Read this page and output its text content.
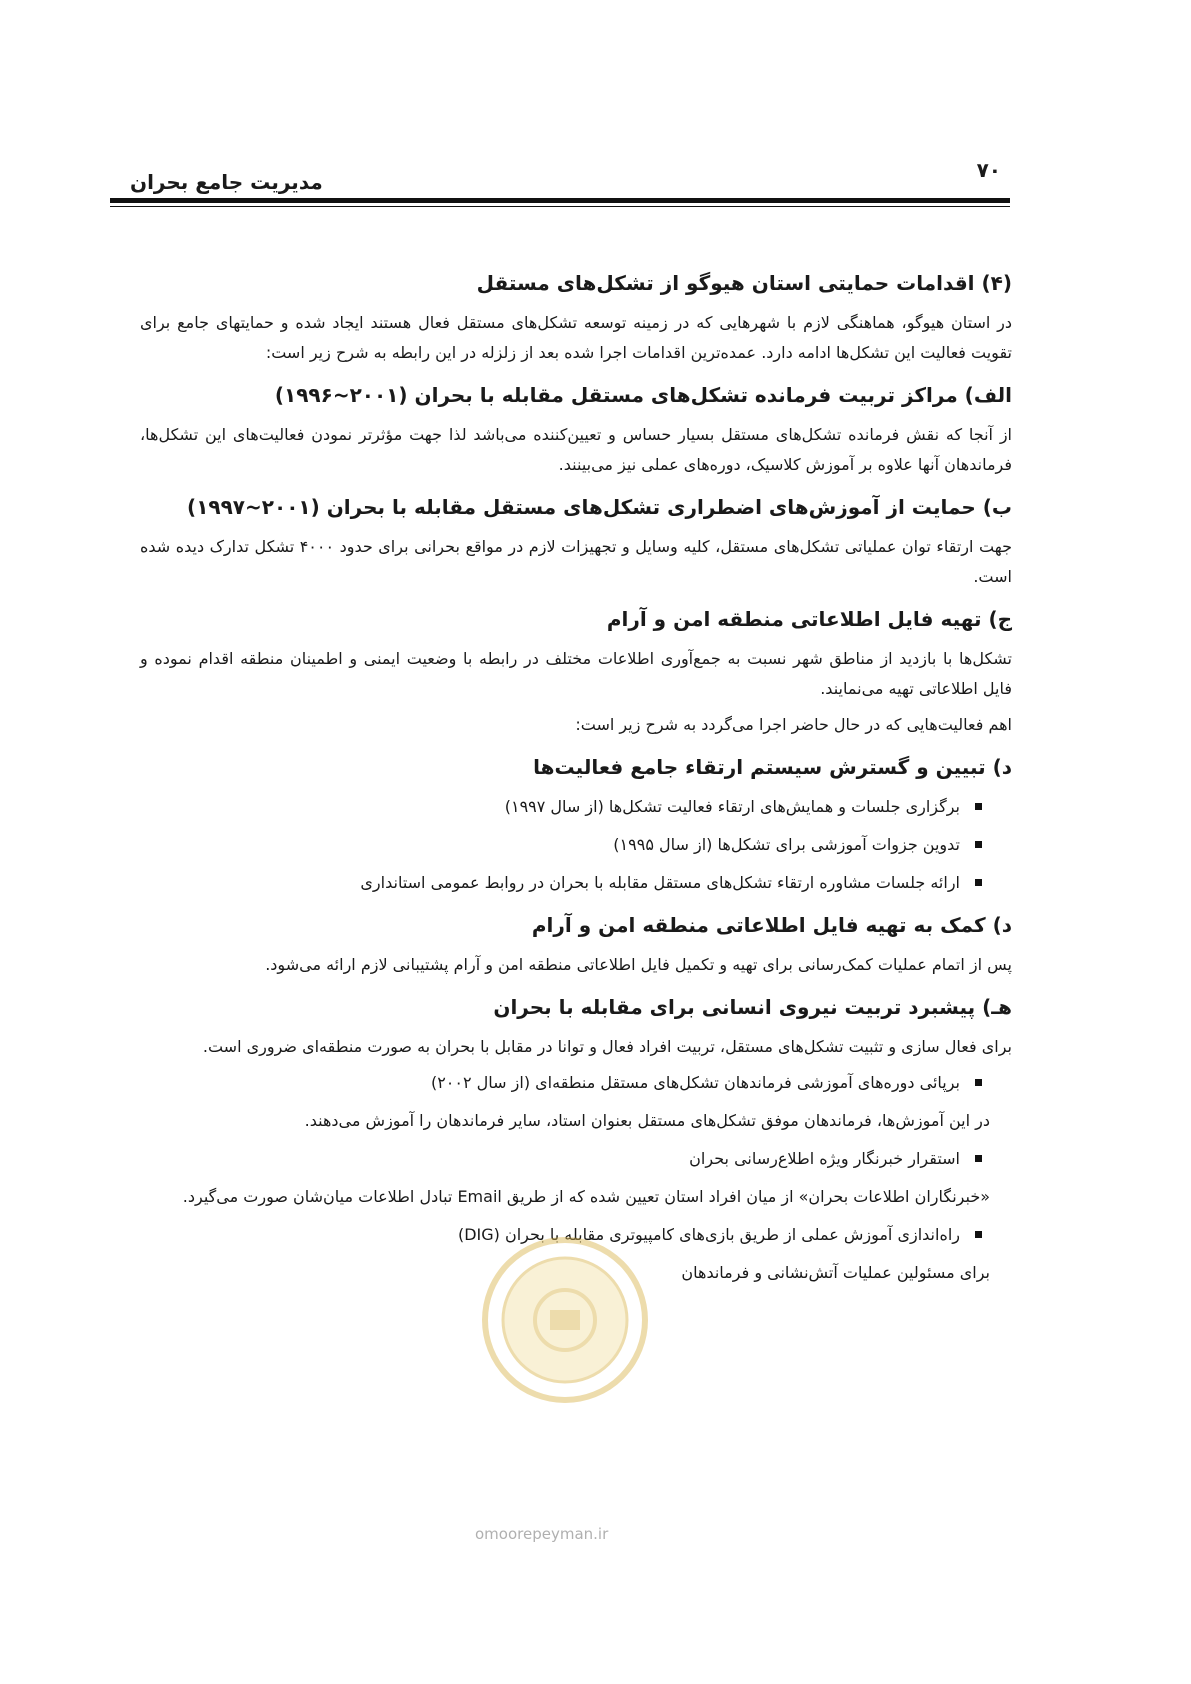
۷۰
مدیریت جامع بحران
(۴) اقدامات حمایتی استان هیوگو از تشکل‌های مستقل

در استان هیوگو، هماهنگی لازم با شهرهایی که در زمینه توسعه تشکل‌های مستقل فعال هستند ایجاد شده و حمایتهای جامع برای تقویت فعالیت این تشکل‌ها ادامه دارد. عمده‌ترین اقدامات اجرا شده بعد از زلزله در این رابطه به شرح زیر است:

الف) مراکز تربیت فرمانده تشکل‌های مستقل مقابله با بحران (۲۰۰۱~۱۹۹۶)

از آنجا که نقش فرمانده تشکل‌های مستقل بسیار حساس و تعیین‌کننده می‌باشد لذا جهت مؤثرتر نمودن فعالیت‌های این تشکل‌ها، فرماندهان آنها علاوه بر آموزش کلاسیک، دوره‌های عملی نیز می‌بینند.

ب) حمایت از آموزش‌های اضطراری تشکل‌های مستقل مقابله با بحران (۲۰۰۱~۱۹۹۷)

جهت ارتقاء توان عملیاتی تشکل‌های مستقل، کلیه وسایل و تجهیزات لازم در مواقع بحرانی برای حدود ۴۰۰۰ تشکل تدارک دیده شده است.

ج) تهیه فایل اطلاعاتی منطقه امن و آرام

تشکل‌ها با بازدید از مناطق شهر نسبت به جمع‌آوری اطلاعات مختلف در رابطه با وضعیت ایمنی و اطمینان منطقه اقدام نموده و فایل اطلاعاتی تهیه می‌نمایند.

اهم فعالیت‌هایی که در حال حاضر اجرا می‌گردد به شرح زیر است:

د) تبیین و گسترش سیستم ارتقاء جامع فعالیت‌ها
برگزاری جلسات و همایش‌های ارتقاء فعالیت تشکل‌ها (از سال ۱۹۹۷)
تدوین جزوات آموزشی برای تشکل‌ها (از سال ۱۹۹۵)
ارائه جلسات مشاوره ارتقاء تشکل‌های مستقل مقابله با بحران در روابط عمومی استانداری
د) کمک به تهیه فایل اطلاعاتی منطقه امن و آرام

پس از اتمام عملیات کمک‌رسانی برای تهیه و تکمیل فایل اطلاعاتی منطقه امن و آرام پشتیبانی لازم ارائه می‌شود.

هـ) پیشبرد تربیت نیروی انسانی برای مقابله با بحران

برای فعال سازی و تثبیت تشکل‌های مستقل، تربیت افراد فعال و توانا در مقابل با بحران به صورت منطقه‌ای ضروری است.

برپائی دوره‌های آموزشی فرماندهان تشکل‌های مستقل منطقه‌ای (از سال ۲۰۰۲)

در این آموزش‌ها، فرماندهان موفق تشکل‌های مستقل بعنوان استاد، سایر فرماندهان را آموزش می‌دهند.

استقرار خبرنگار ویژه اطلاع‌رسانی بحران

«خبرنگاران اطلاعات بحران» از میان افراد استان تعیین شده که از طریق Email تبادل اطلاعات میان‌شان صورت می‌گیرد.

راه‌اندازی آموزش عملی از طریق بازی‌های کامپیوتری مقابله با بحران (DIG)

برای مسئولین عملیات آتش‌نشانی و فرماندهان

omoorepeyman.ir
